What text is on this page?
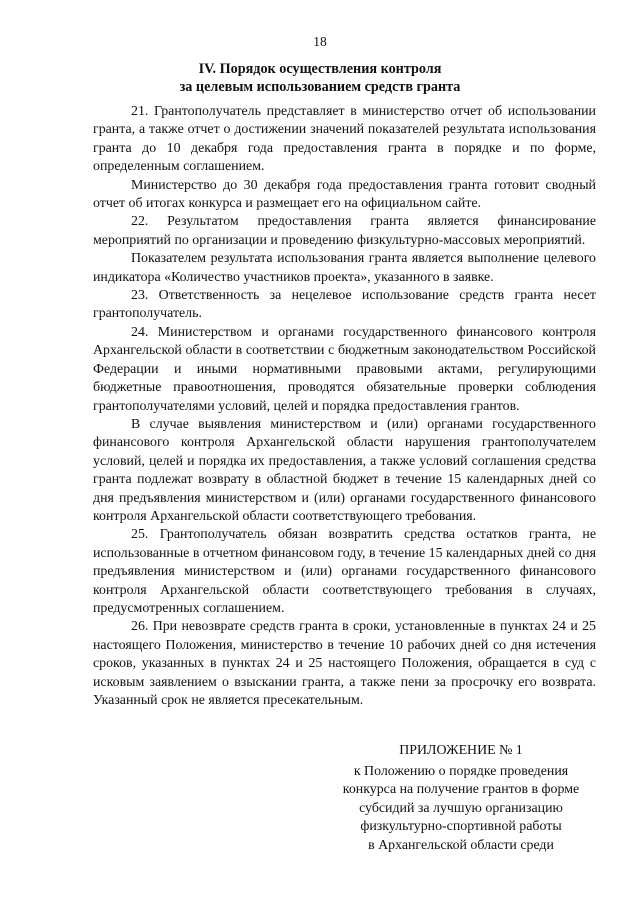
18
IV. Порядок осуществления контроля
за целевым использованием средств гранта

21. Грантополучатель представляет в министерство отчет об использовании гранта, а также отчет о достижении значений показателей результата использования гранта до 10 декабря года предоставления гранта в порядке и по форме, определенным соглашением.

Министерство до 30 декабря года предоставления гранта готовит сводный отчет об итогах конкурса и размещает его на официальном сайте.

22. Результатом предоставления гранта является финансирование мероприятий по организации и проведению физкультурно-массовых мероприятий.

Показателем результата использования гранта является выполнение целевого индикатора «Количество участников проекта», указанного в заявке.

23. Ответственность за нецелевое использование средств гранта несет грантополучатель.

24. Министерством и органами государственного финансового контроля Архангельской области в соответствии с бюджетным законодательством Российской Федерации и иными нормативными правовыми актами, регулирующими бюджетные правоотношения, проводятся обязательные проверки соблюдения грантополучателями условий, целей и порядка предоставления грантов.

В случае выявления министерством и (или) органами государственного финансового контроля Архангельской области нарушения грантополучателем условий, целей и порядка их предоставления, а также условий соглашения средства гранта подлежат возврату в областной бюджет в течение 15 календарных дней со дня предъявления министерством и (или) органами государственного финансового контроля Архангельской области соответствующего требования.

25. Грантополучатель обязан возвратить средства остатков гранта, не использованные в отчетном финансовом году, в течение 15 календарных дней со дня предъявления министерством и (или) органами государственного финансового контроля Архангельской области соответствующего требования в случаях, предусмотренных соглашением.

26. При невозврате средств гранта в сроки, установленные в пунктах 24 и 25 настоящего Положения, министерство в течение 10 рабочих дней со дня истечения сроков, указанных в пунктах 24 и 25 настоящего Положения, обращается в суд с исковым заявлением о взыскании гранта, а также пени за просрочку его возврата. Указанный срок не является пресекательным.

ПРИЛОЖЕНИЕ № 1
к Положению о порядке проведения
конкурса на получение грантов в форме
субсидий за лучшую организацию
физкультурно-спортивной работы
в Архангельской области среди
